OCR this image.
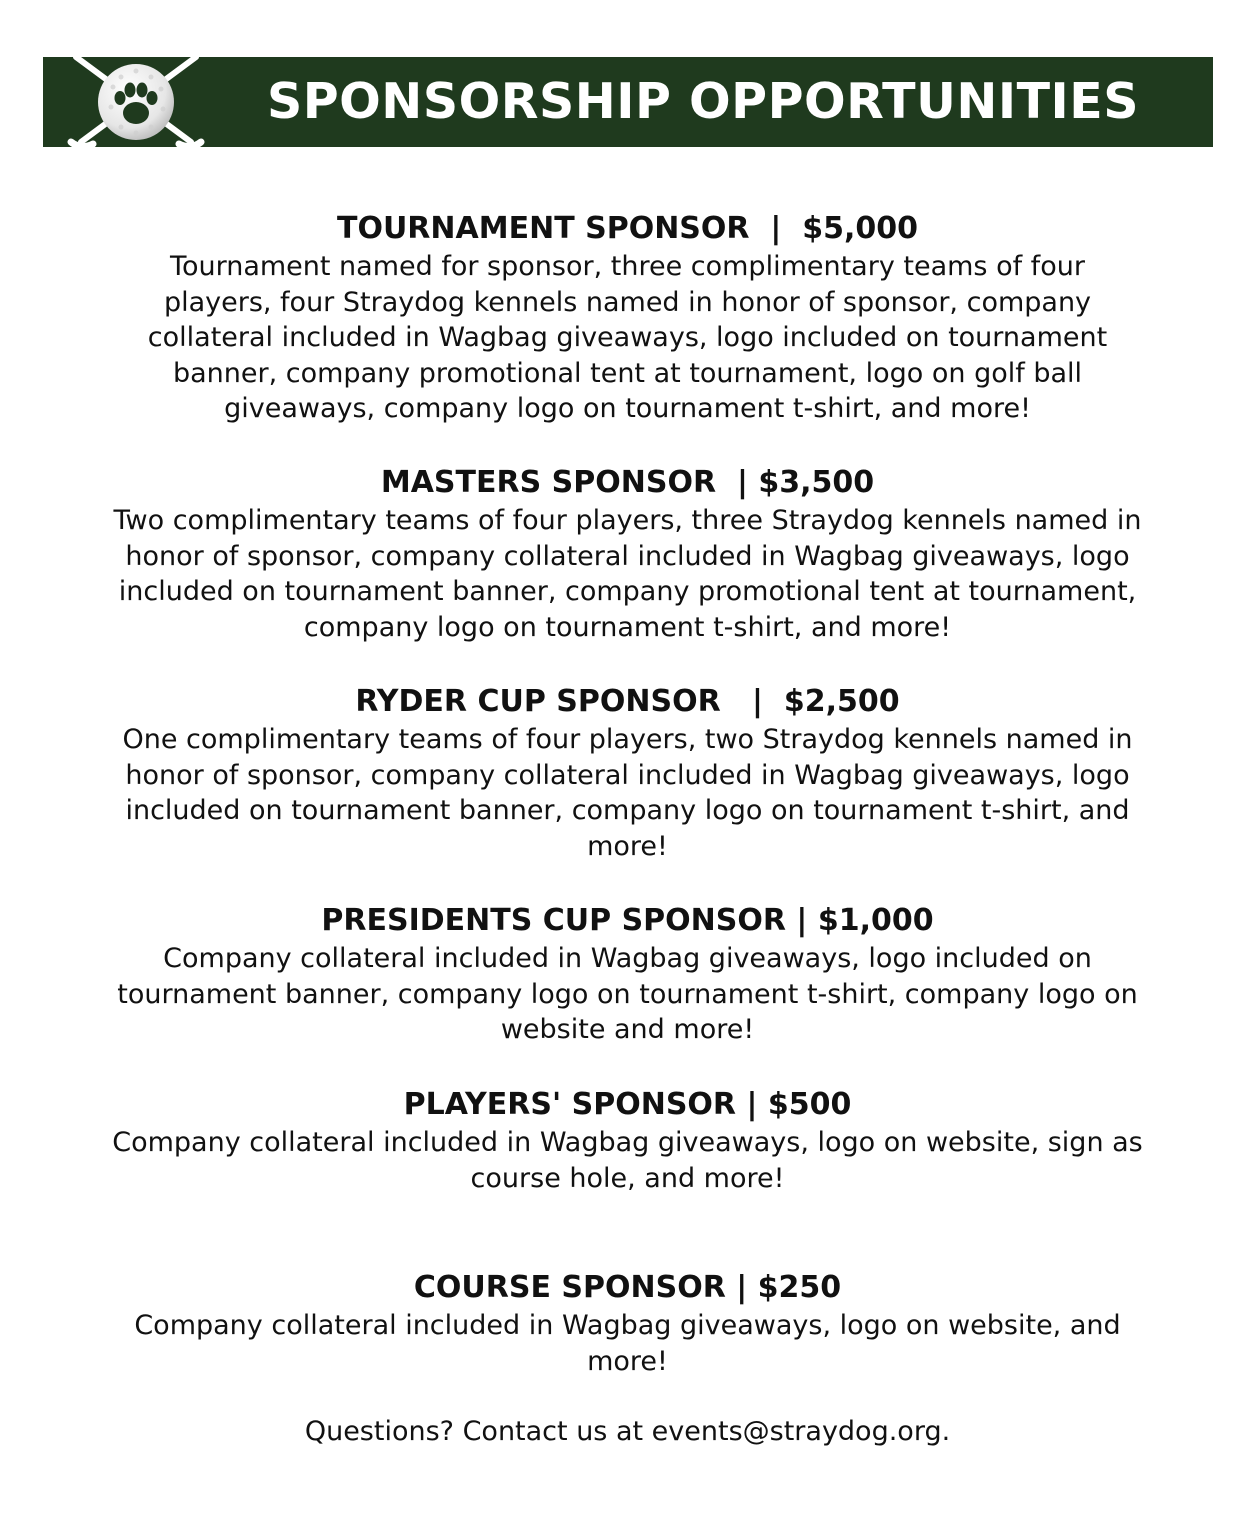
SPONSORSHIP OPPORTUNITIES
TOURNAMENT SPONSOR  |  $5,000
Tournament named for sponsor, three complimentary teams of four players, four Straydog kennels named in honor of sponsor, company collateral included in Wagbag giveaways, logo included on tournament banner, company promotional tent at tournament, logo on golf ball giveaways, company logo on tournament t-shirt, and more!
MASTERS SPONSOR  | $3,500
Two complimentary teams of four players, three Straydog kennels named in honor of sponsor, company collateral included in Wagbag giveaways, logo included on tournament banner, company promotional tent at tournament, company logo on tournament t-shirt, and more!
RYDER CUP SPONSOR   |  $2,500
One complimentary teams of four players, two Straydog kennels named in honor of sponsor, company collateral included in Wagbag giveaways, logo included on tournament banner, company logo on tournament t-shirt, and more!
PRESIDENTS CUP SPONSOR | $1,000
Company collateral included in Wagbag giveaways, logo included on tournament banner, company logo on tournament t-shirt, company logo on website and more!
PLAYERS' SPONSOR | $500
Company collateral included in Wagbag giveaways, logo on website, sign as course hole, and more!
COURSE SPONSOR | $250
Company collateral included in Wagbag giveaways, logo on website, and more!
Questions? Contact us at events@straydog.org.
